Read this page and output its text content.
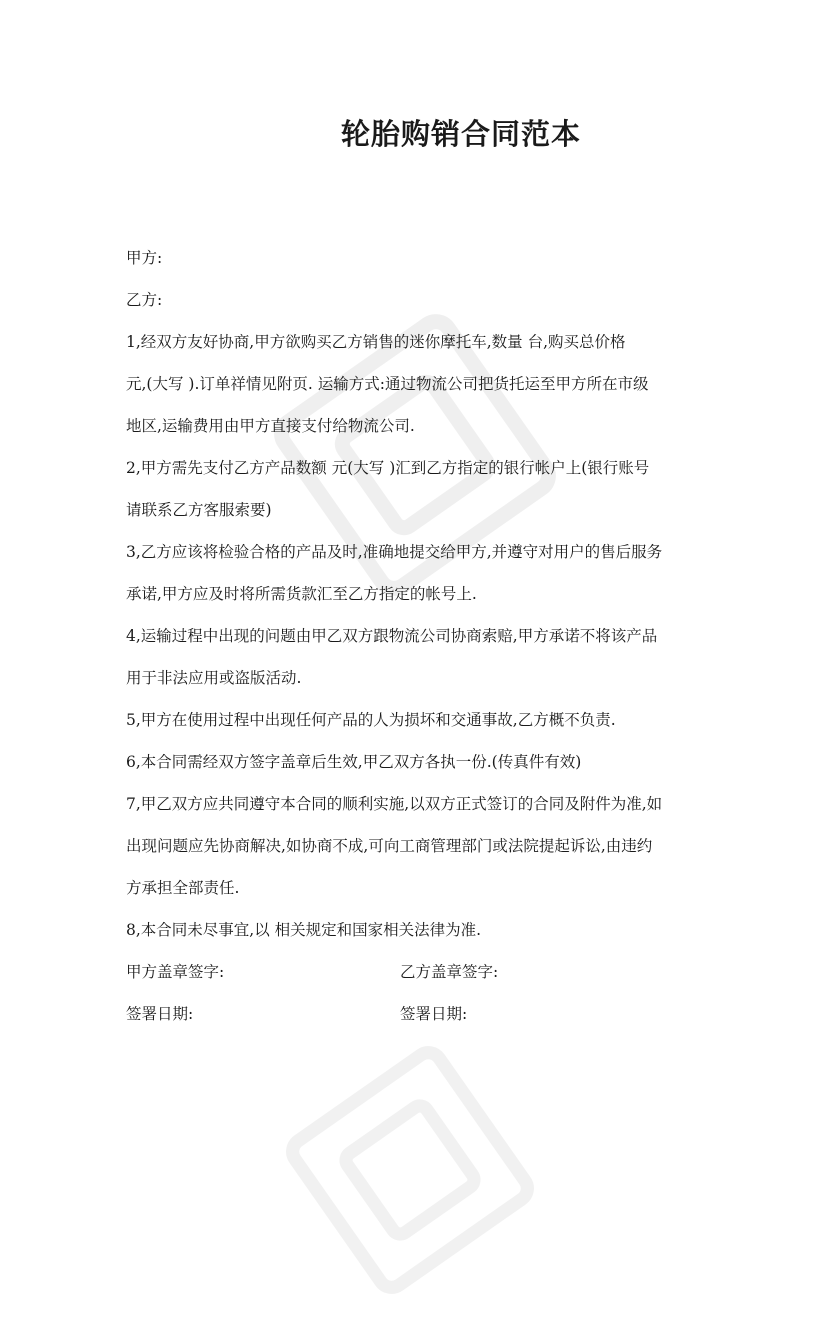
轮胎购销合同范本
甲方:
乙方:
1,经双方友好协商,甲方欲购买乙方销售的迷你摩托车,数量 台,购买总价格
元,(大写 ).订单祥情见附页. 运输方式:通过物流公司把货托运至甲方所在市级
地区,运输费用由甲方直接支付给物流公司.
2,甲方需先支付乙方产品数额 元(大写 )汇到乙方指定的银行帐户上(银行账号
请联系乙方客服索要)
3,乙方应该将检验合格的产品及时,准确地提交给甲方,并遵守对用户的售后服务
承诺,甲方应及时将所需货款汇至乙方指定的帐号上.
4,运输过程中出现的问题由甲乙双方跟物流公司协商索赔,甲方承诺不将该产品
用于非法应用或盗版活动.
5,甲方在使用过程中出现任何产品的人为损坏和交通事故,乙方概不负责.
6,本合同需经双方签字盖章后生效,甲乙双方各执一份.(传真件有效)
7,甲乙双方应共同遵守本合同的顺利实施,以双方正式签订的合同及附件为准,如
出现问题应先协商解决,如协商不成,可向工商管理部门或法院提起诉讼,由违约
方承担全部责任.
8,本合同未尽事宜,以 相关规定和国家相关法律为准.
甲方盖章签字:	乙方盖章签字:
签署日期:	签署日期:
